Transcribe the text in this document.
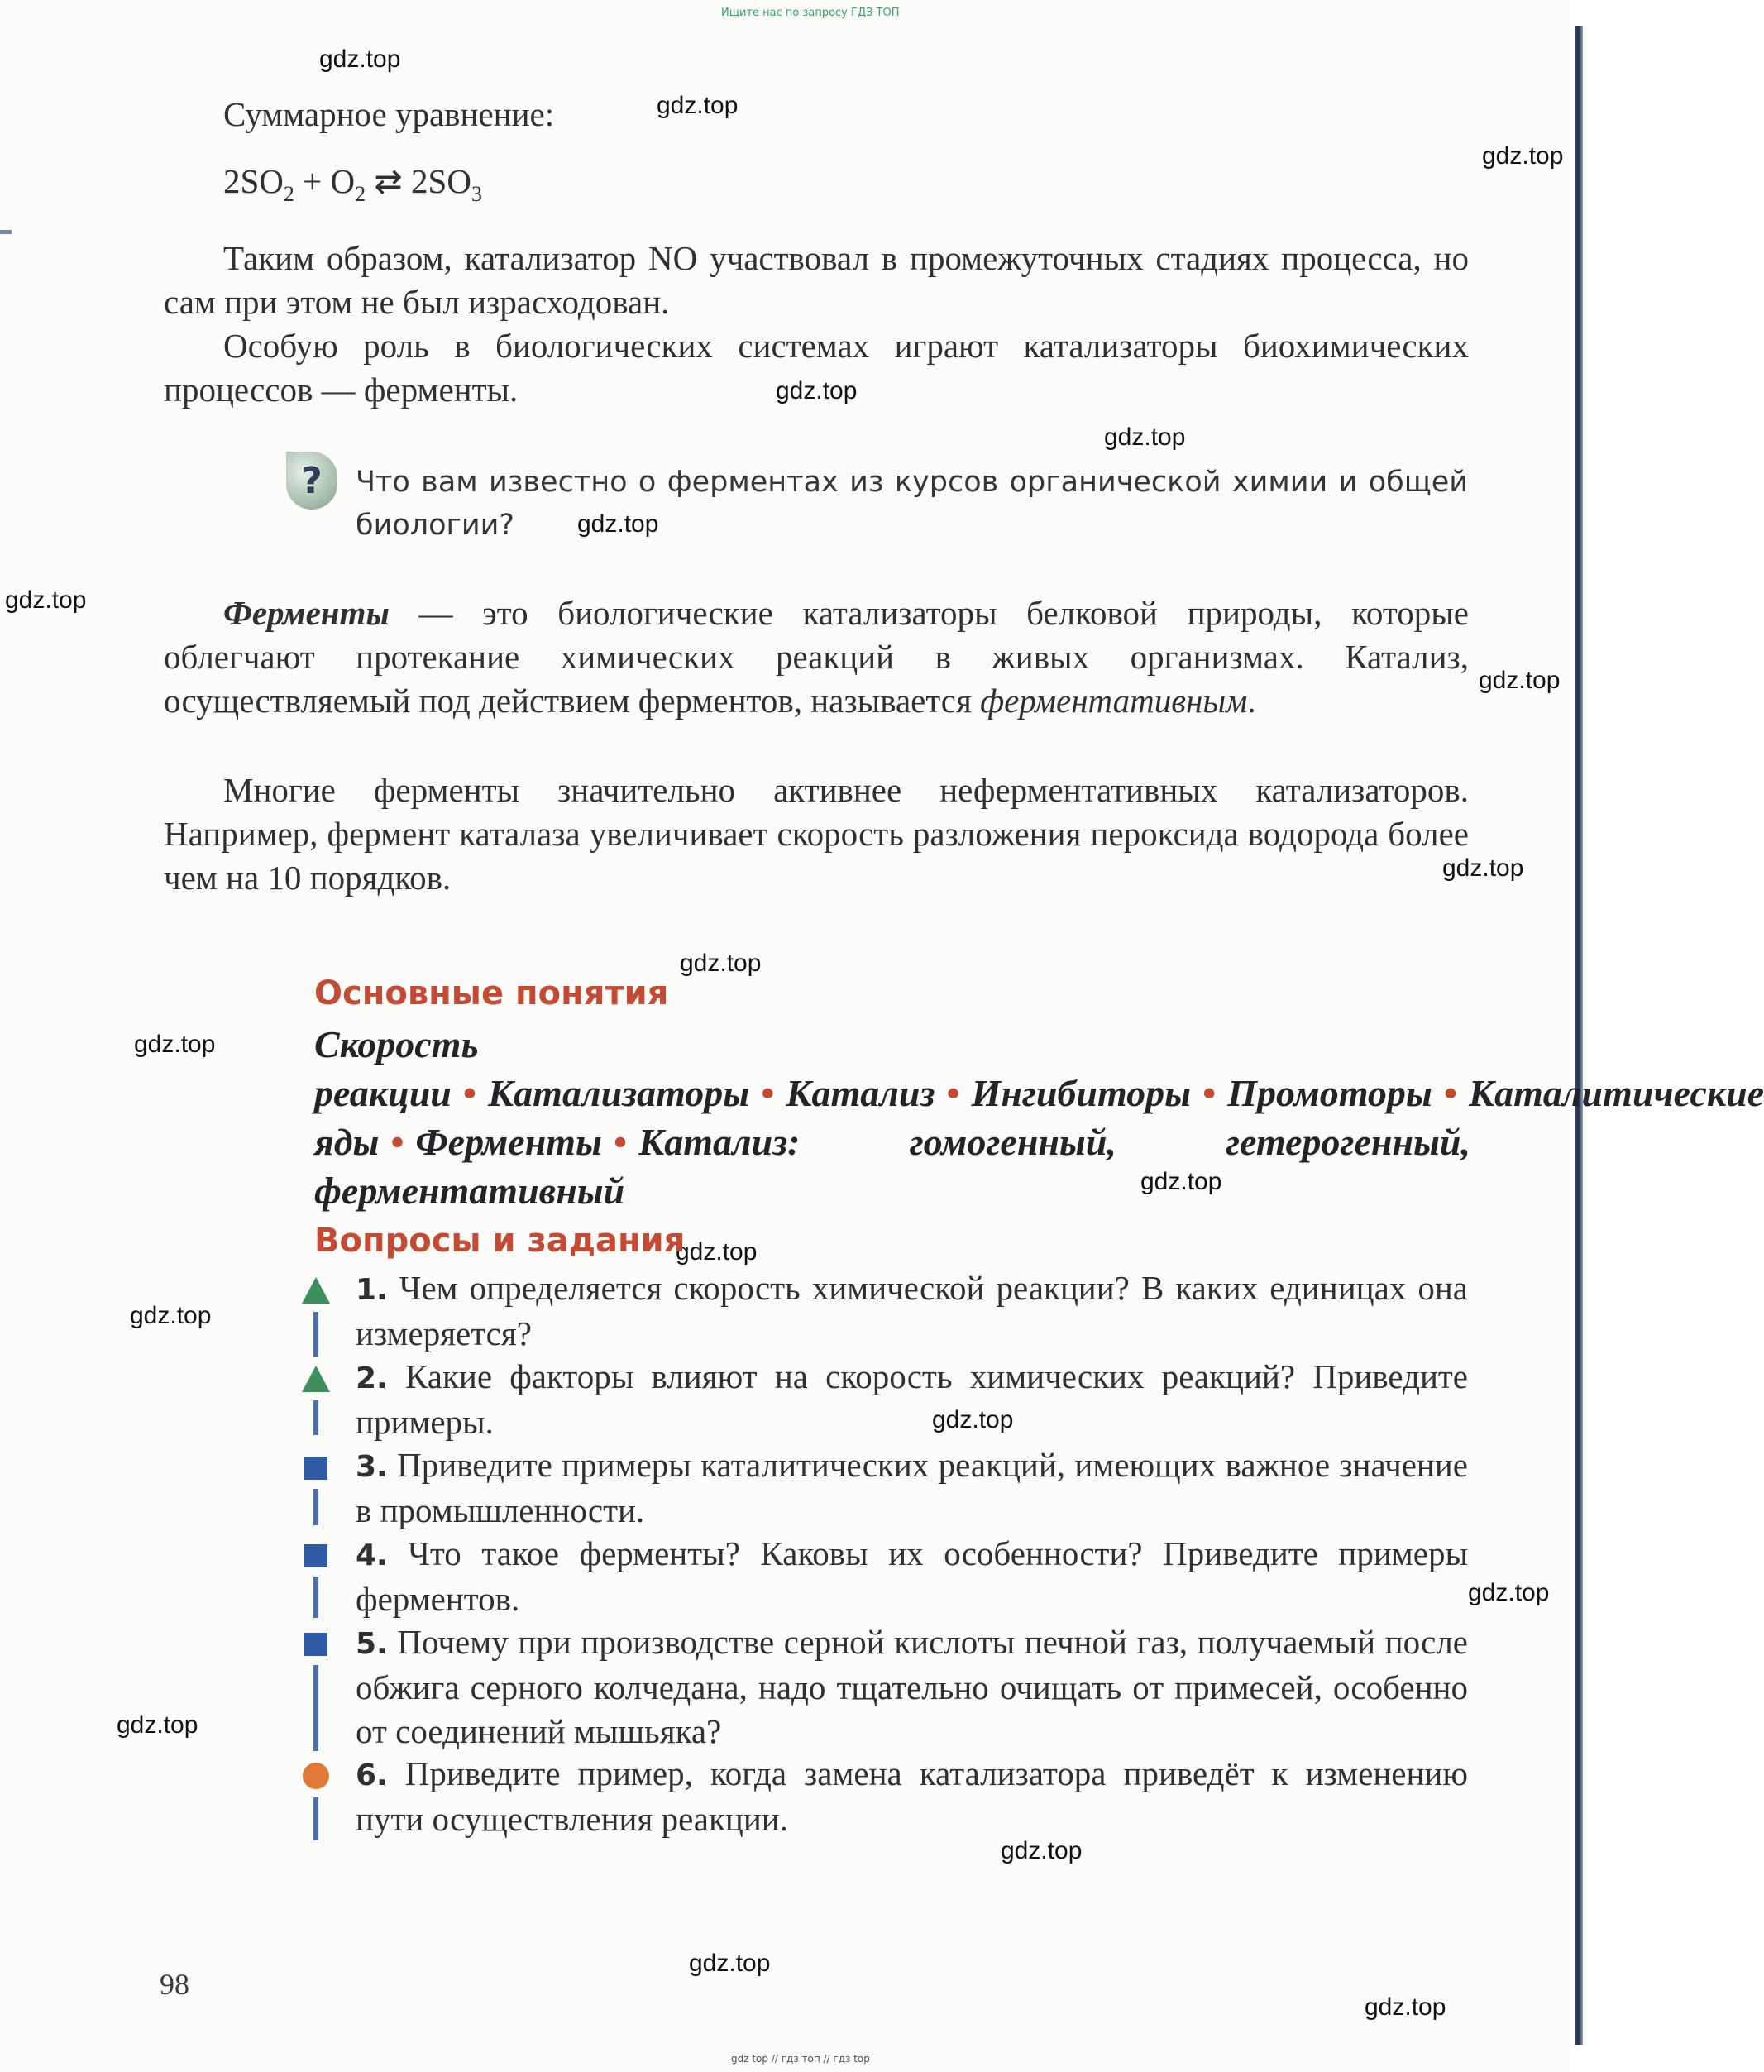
Ищите нас по запросу ГДЗ ТОП
gdz.top
gdz.top
gdz.top
gdz.top
gdz.top
gdz.top
gdz.top
gdz.top
gdz.top
gdz.top
gdz.top
gdz.top
gdz.top
gdz.top
gdz.top
gdz.top
gdz.top
gdz.top
gdz.top
gdz.top
Суммарное уравнение:
$2SO_2 + O_2$ ⇄ $2SO_3$
Таким образом, катализатор NO участвовал в промежуточных стадиях процесса, но сам при этом не был израсходован.
Особую роль в биологических системах играют катализаторы биохимических процессов — ферменты.
?	Что вам известно о ферментах из курсов органической химии и общей биологии?
Ферменты — это биологические катализаторы белковой природы, которые облегчают протекание химических реакций в живых организмах. Катализ, осуществляемый под действием ферментов, называется ферментативным.
Многие ферменты значительно активнее неферментативных катализаторов. Например, фермент каталаза увеличивает скорость разложения пероксида водорода более чем на 10 порядков.
Основные понятия
Скорость реакции • Катализаторы • Катализ • Ингибиторы • Промоторы • Каталитические яды • Ферменты • Катализ: гомогенный, гетерогенный, ферментативный
Вопросы и задания
1. Чем определяется скорость химической реакции? В каких единицах она измеряется?
2. Какие факторы влияют на скорость химических реакций? Приведите примеры.
3. Приведите примеры каталитических реакций, имеющих важное значение в промышленности.
4. Что такое ферменты? Каковы их особенности? Приведите примеры ферментов.
5. Почему при производстве серной кислоты печной газ, получаемый после обжига серного колчедана, надо тщательно очищать от примесей, особенно от соединений мышьяка?
6. Приведите пример, когда замена катализатора приведёт к изменению пути осуществления реакции.
98
gdz top // гдз топ // гдз top
